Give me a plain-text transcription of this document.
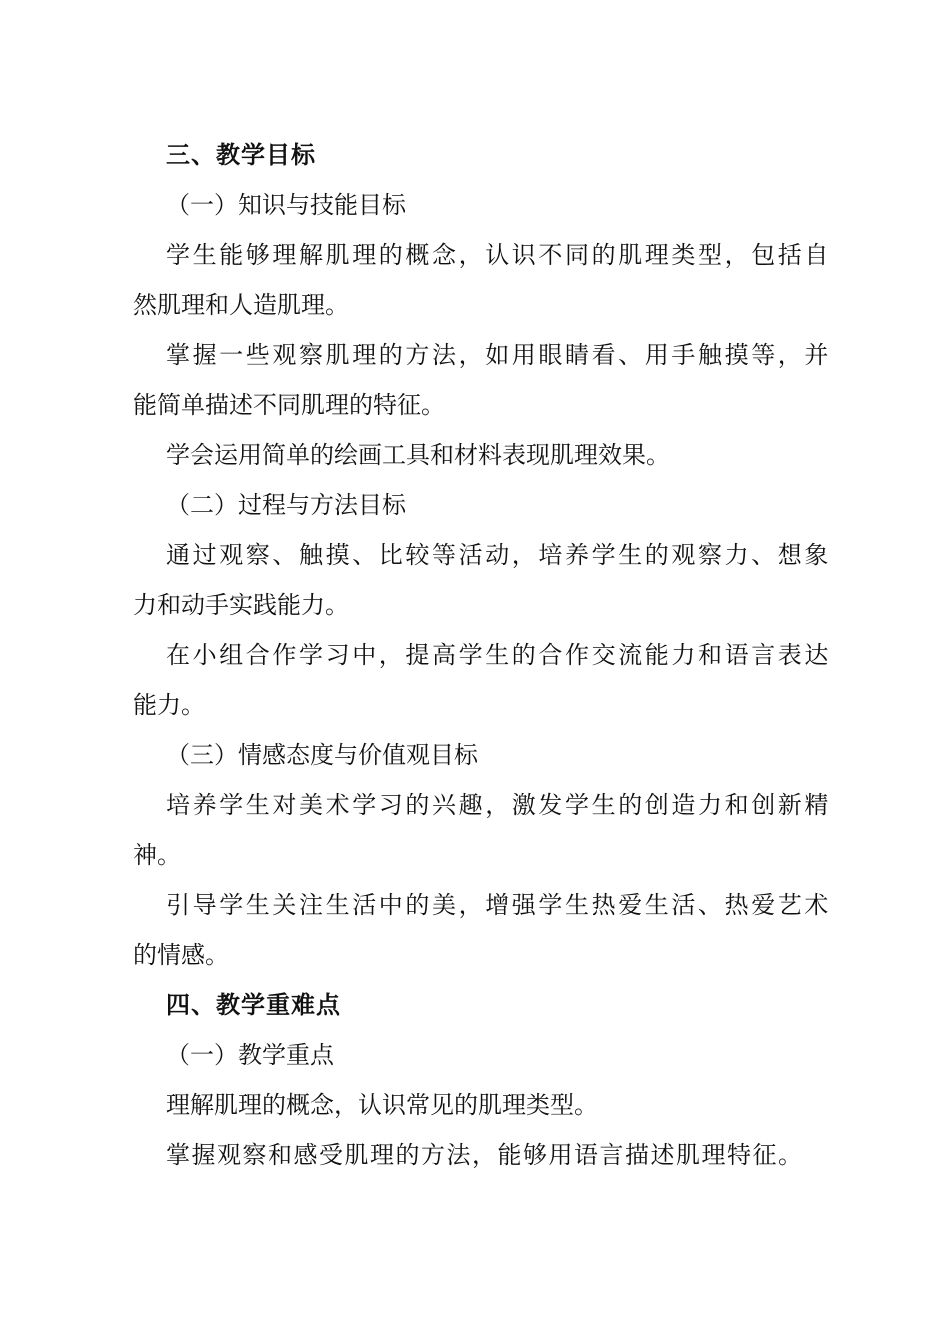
三、教学目标
（一）知识与技能目标
学生能够理解肌理的概念，认识不同的肌理类型，包括自
然肌理和人造肌理。
掌握一些观察肌理的方法，如用眼睛看、用手触摸等，并
能简单描述不同肌理的特征。
学会运用简单的绘画工具和材料表现肌理效果。
（二）过程与方法目标
通过观察、触摸、比较等活动，培养学生的观察力、想象
力和动手实践能力。
在小组合作学习中，提高学生的合作交流能力和语言表达
能力。
（三）情感态度与价值观目标
培养学生对美术学习的兴趣，激发学生的创造力和创新精
神。
引导学生关注生活中的美，增强学生热爱生活、热爱艺术
的情感。
四、教学重难点
（一）教学重点
理解肌理的概念，认识常见的肌理类型。
掌握观察和感受肌理的方法，能够用语言描述肌理特征。
